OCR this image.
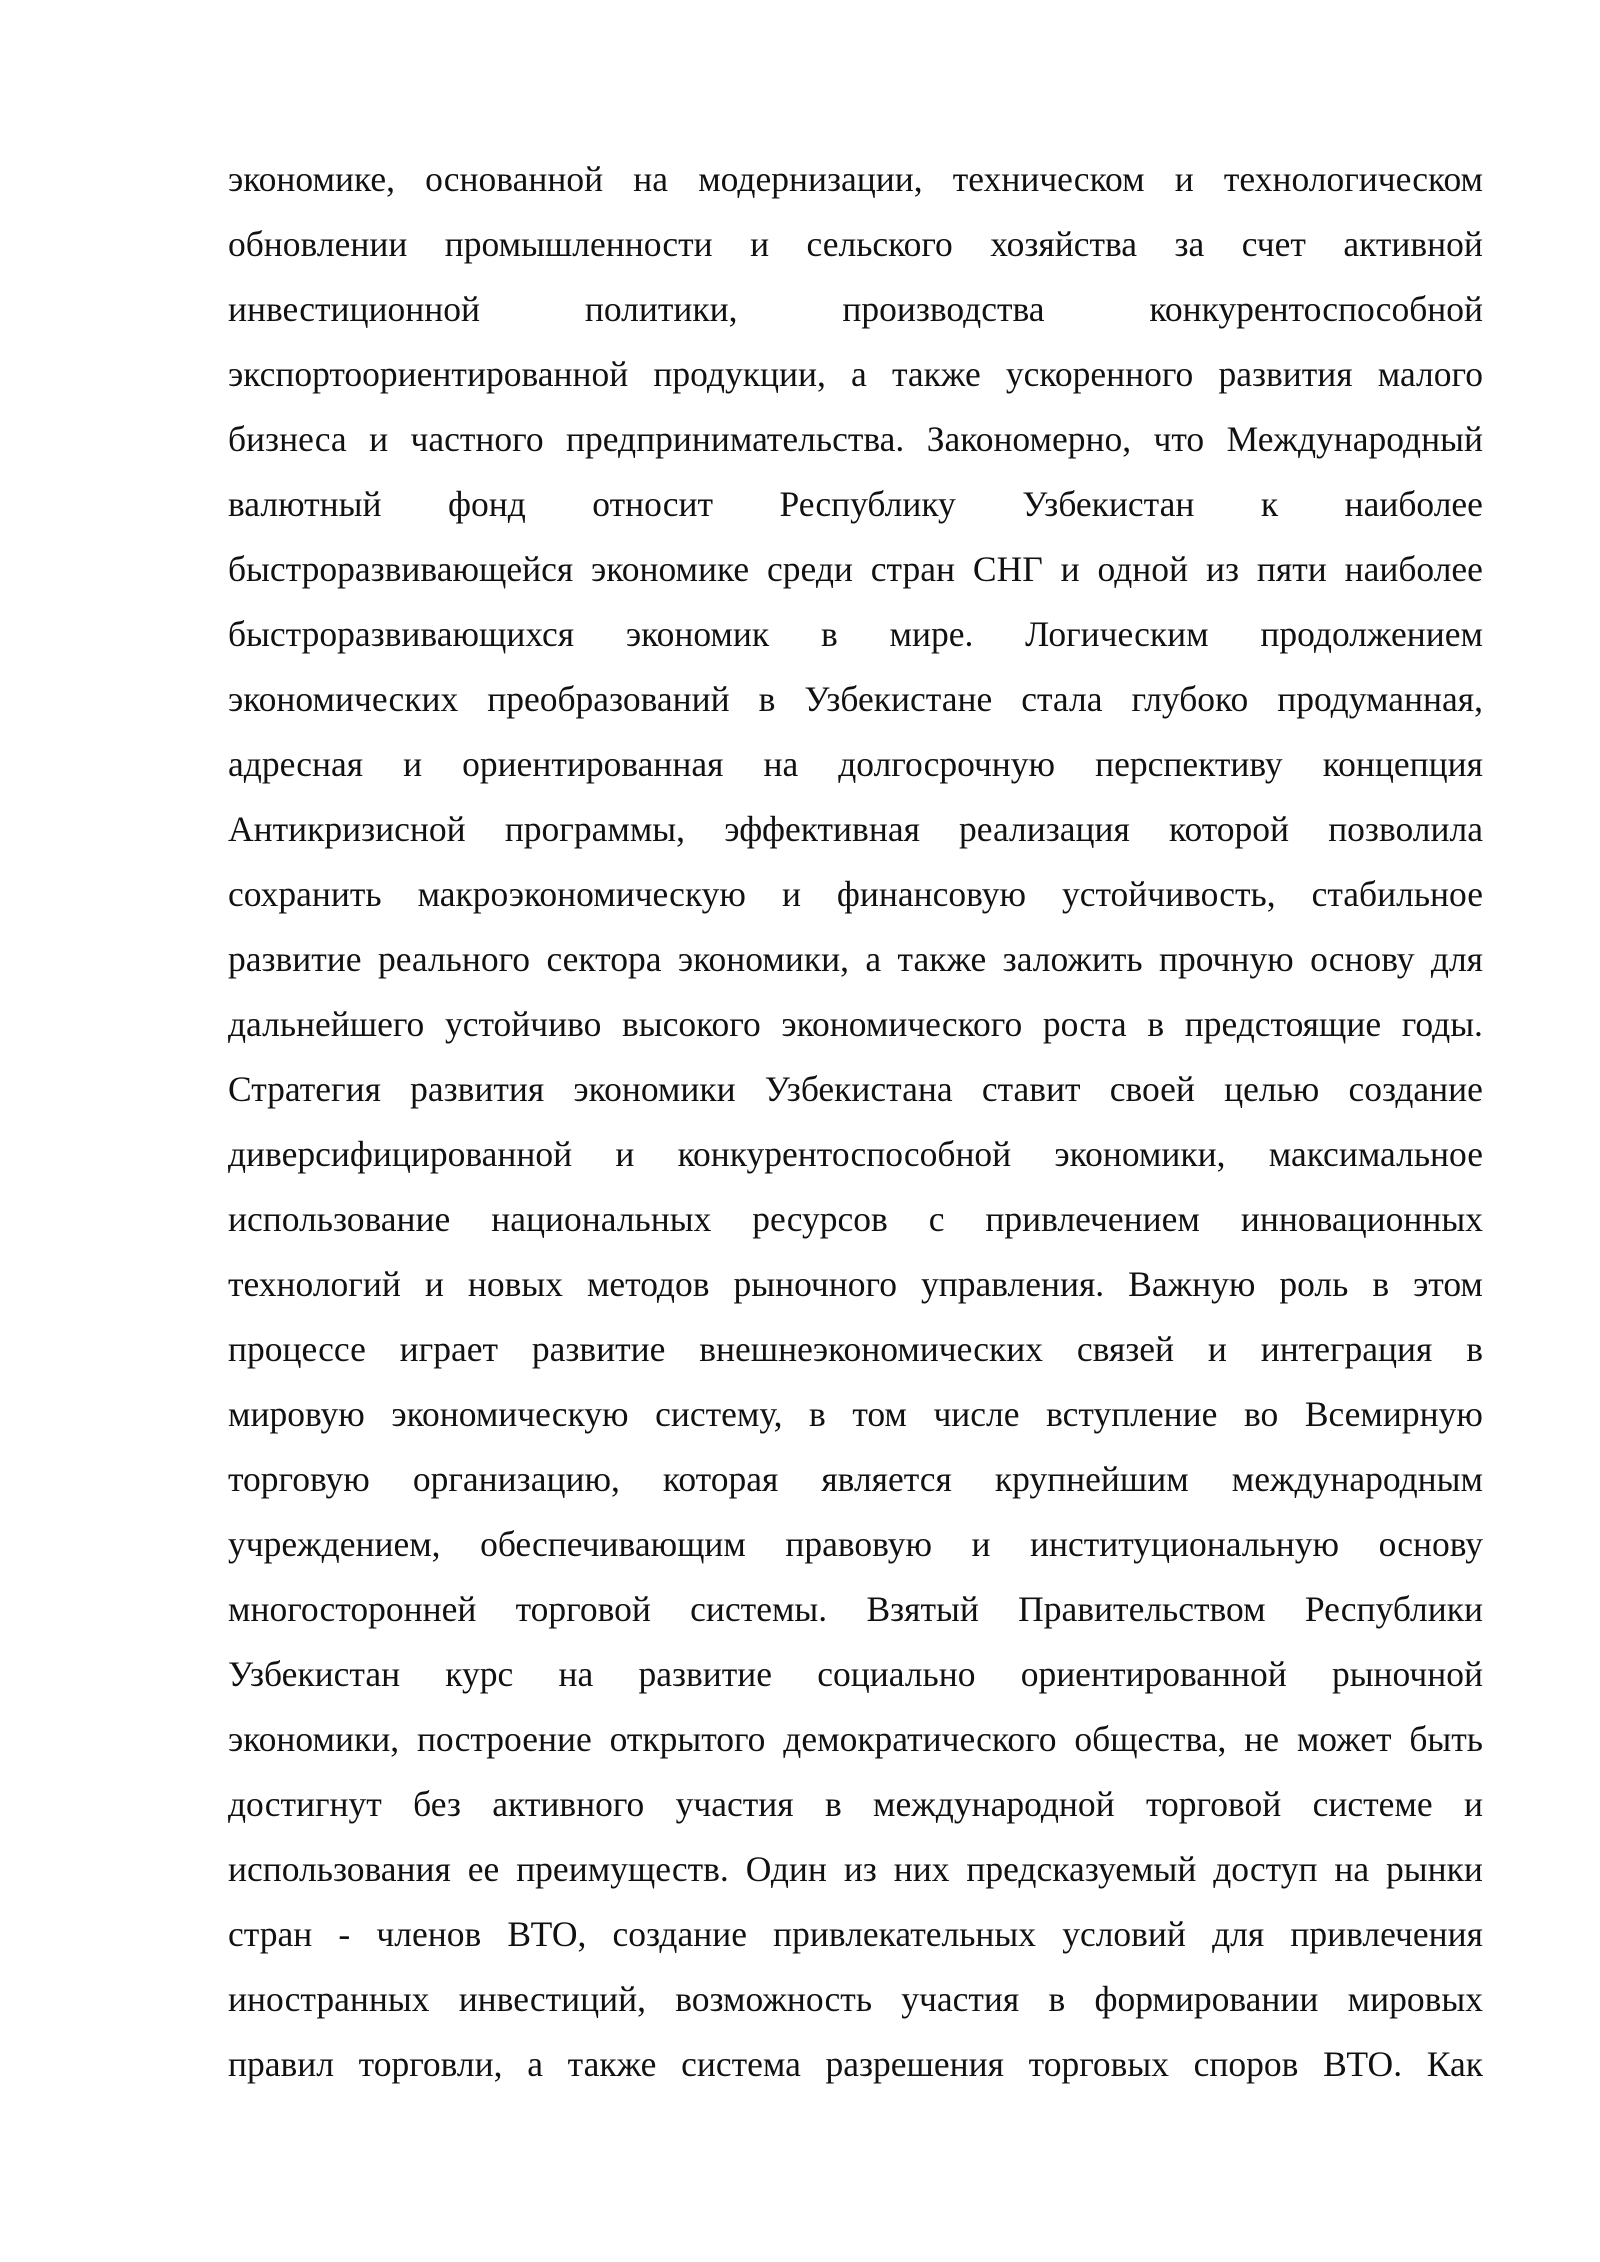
экономике, основанной на модернизации, техническом и технологическом
обновлении промышленности и сельского хозяйства за счет активной
инвестиционной	политики,	производства	конкурентоспособной
экспортоориентированной продукции, а также ускоренного развития малого
бизнеса и частного предпринимательства. Закономерно, что Международный
валютный фонд относит Республику Узбекистан к наиболее
быстроразвивающейся экономике среди стран СНГ и одной из пяти наиболее
быстроразвивающихся экономик в мире. Логическим продолжением
экономических преобразований в Узбекистане стала глубоко продуманная,
адресная и ориентированная на долгосрочную перспективу концепция
Антикризисной программы, эффективная реализация которой позволила
сохранить макроэкономическую и финансовую устойчивость, стабильное
развитие реального сектора экономики, а также заложить прочную основу для
дальнейшего устойчиво высокого экономического роста в предстоящие годы.
Стратегия развития экономики Узбекистана ставит своей целью создание
диверсифицированной и конкурентоспособной экономики, максимальное
использование национальных ресурсов с привлечением инновационных
технологий и новых методов рыночного управления. Важную роль в этом
процессе играет развитие внешнеэкономических связей и интеграция в
мировую экономическую систему, в том числе вступление во Всемирную
торговую организацию, которая является крупнейшим международным
учреждением, обеспечивающим правовую и институциональную основу
многосторонней торговой системы. Взятый Правительством Республики
Узбекистан курс на развитие социально ориентированной рыночной
экономики, построение открытого демократического общества, не может быть
достигнут без активного участия в международной торговой системе и
использования ее преимуществ. Один из них предсказуемый доступ на рынки
стран - членов ВТО, создание привлекательных условий для привлечения
иностранных инвестиций, возможность участия в формировании мировых
правил торговли, а также система разрешения торговых споров ВТО. Как
